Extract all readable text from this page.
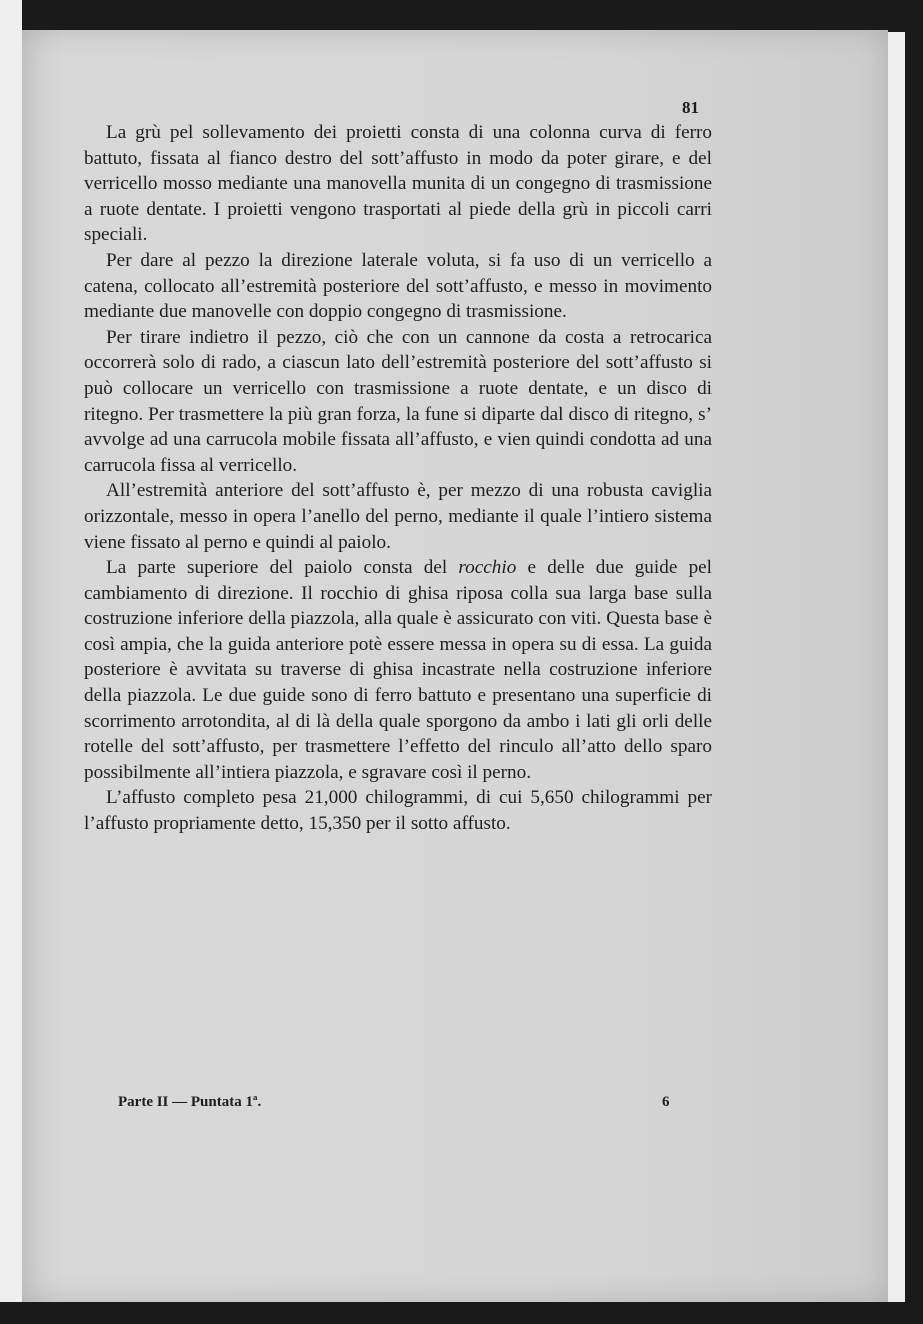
81

La grù pel sollevamento dei proietti consta di una colonna curva di ferro battuto, fissata al fianco destro del sott’affusto in modo da poter girare, e del verricello mosso mediante una manovella munita di un congegno di trasmissione a ruote dentate. I proietti vengono trasportati al piede della grù in piccoli carri speciali.

Per dare al pezzo la direzione laterale voluta, si fa uso di un verricello a catena, collocato all’estremità posteriore del sott’affusto, e messo in movimento mediante due manovelle con doppio congegno di trasmissione.

Per tirare indietro il pezzo, ciò che con un cannone da costa a retrocarica occorrerà solo di rado, a ciascun lato dell’estremità posteriore del sott’affusto si può collocare un verricello con trasmissione a ruote dentate, e un disco di ritegno. Per trasmettere la più gran forza, la fune si diparte dal disco di ritegno, s’ avvolge ad una carrucola mobile fissata all’affusto, e vien quindi condotta ad una carrucola fissa al verricello.

All’estremità anteriore del sott’affusto è, per mezzo di una robusta caviglia orizzontale, messo in opera l’anello del perno, mediante il quale l’intiero sistema viene fissato al perno e quindi al paiolo.

La parte superiore del paiolo consta del rocchio e delle due guide pel cambiamento di direzione. Il rocchio di ghisa riposa colla sua larga base sulla costruzione inferiore della piazzola, alla quale è assicurato con viti. Questa base è così ampia, che la guida anteriore potè essere messa in opera su di essa. La guida posteriore è avvitata su traverse di ghisa incastrate nella costruzione inferiore della piazzola. Le due guide sono di ferro battuto e presentano una superficie di scorrimento arrotondita, al di là della quale sporgono da ambo i lati gli orli delle rotelle del sott’affusto, per trasmettere l’effetto del rinculo all’atto dello sparo possibilmente all’intiera piazzola, e sgravare così il perno.

L’affusto completo pesa 21,000 chilogrammi, di cui 5,650 chilogrammi per l’affusto propriamente detto, 15,350 per il sotto affusto.

Parte II — Puntata 1ª.	6
